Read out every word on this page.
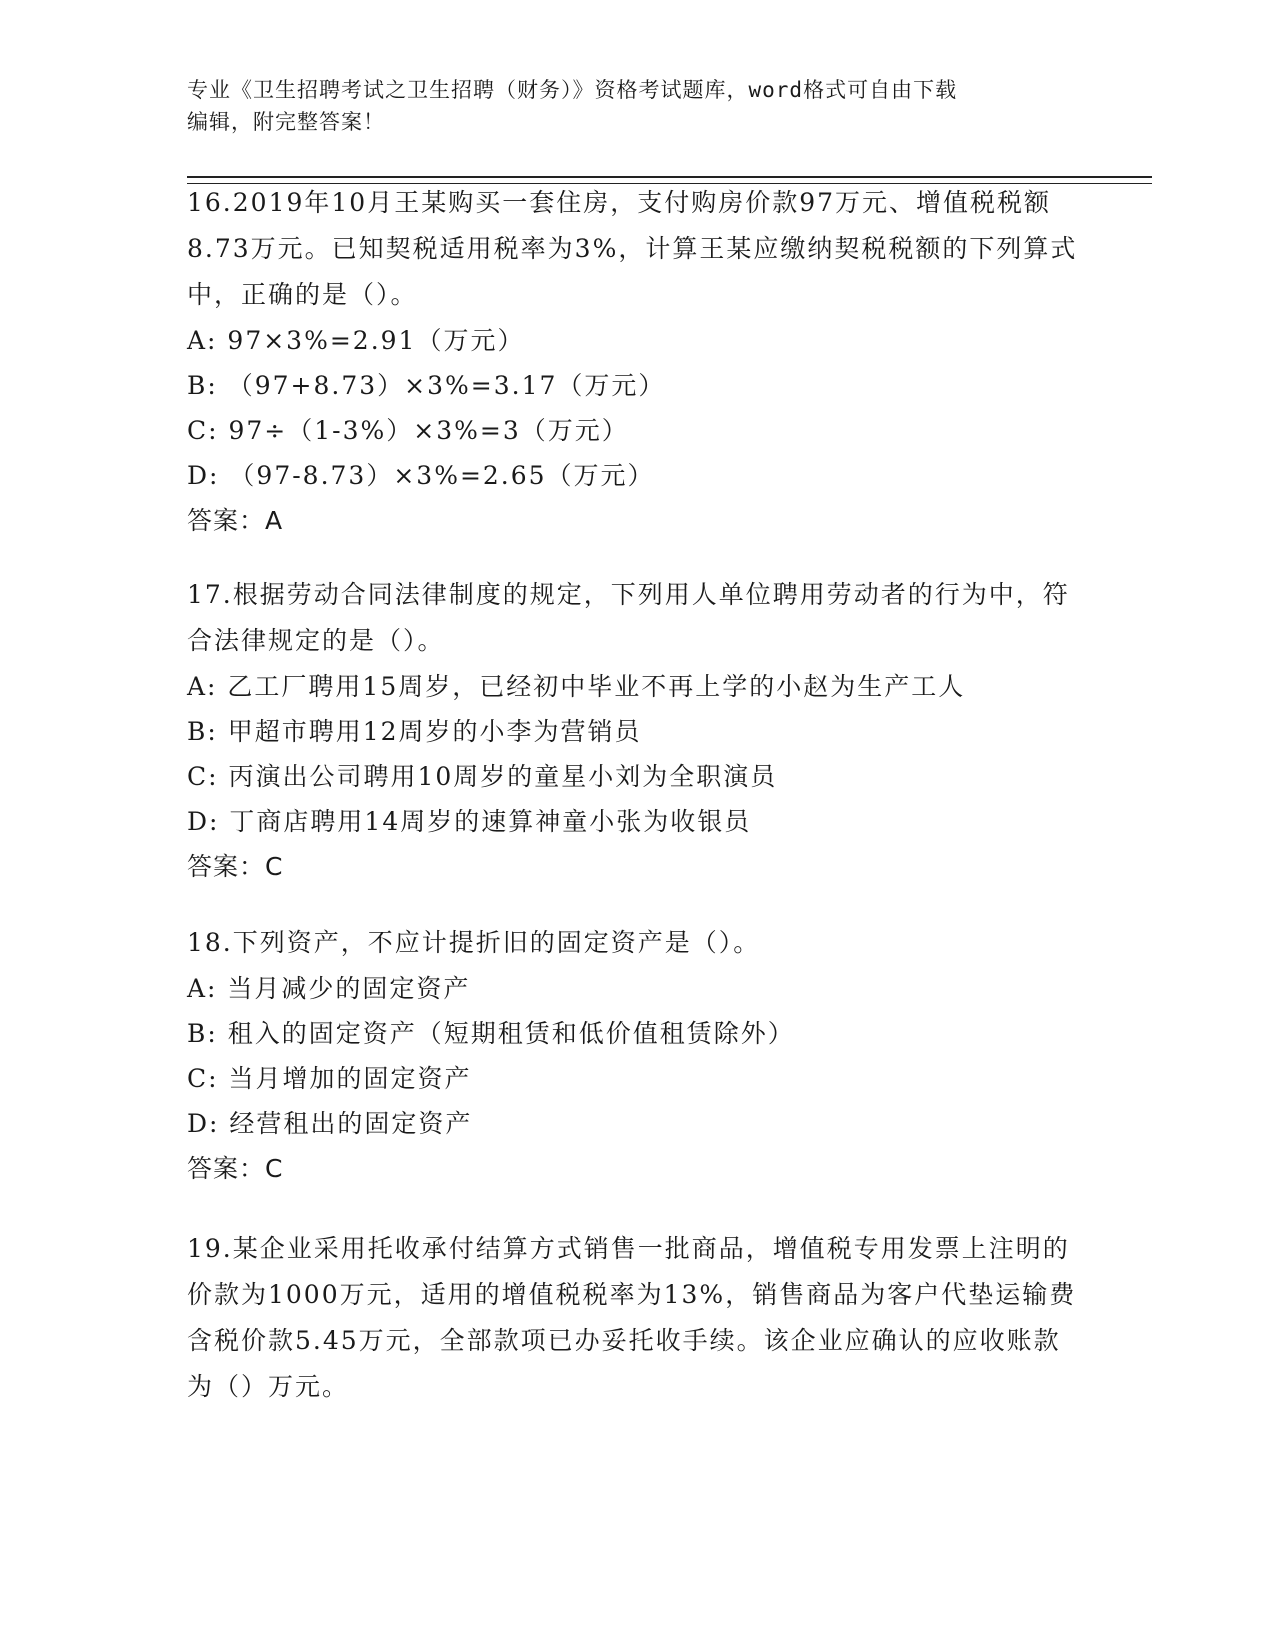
专业《卫生招聘考试之卫生招聘（财务）》资格考试题库，word格式可自由下载
编辑，附完整答案！

16.2019年10月王某购买一套住房，支付购房价款97万元、增值税税额8.73万元。已知契税适用税率为3%，计算王某应缴纳契税税额的下列算式中，正确的是（）。

A: 97×3%=2.91（万元）

B: （97+8.73）×3%=3.17（万元）

C: 97÷（1-3%）×3%=3（万元）

D: （97-8.73）×3%=2.65（万元）

答案：A

17.根据劳动合同法律制度的规定，下列用人单位聘用劳动者的行为中，符合法律规定的是（）。

A: 乙工厂聘用15周岁，已经初中毕业不再上学的小赵为生产工人

B: 甲超市聘用12周岁的小李为营销员

C: 丙演出公司聘用10周岁的童星小刘为全职演员

D: 丁商店聘用14周岁的速算神童小张为收银员

答案：C

18.下列资产，不应计提折旧的固定资产是（）。

A: 当月减少的固定资产

B: 租入的固定资产（短期租赁和低价值租赁除外）

C: 当月增加的固定资产

D: 经营租出的固定资产

答案：C

19.某企业采用托收承付结算方式销售一批商品，增值税专用发票上注明的价款为1000万元，适用的增值税税率为13%，销售商品为客户代垫运输费含税价款5.45万元，全部款项已办妥托收手续。该企业应确认的应收账款为（）万元。
